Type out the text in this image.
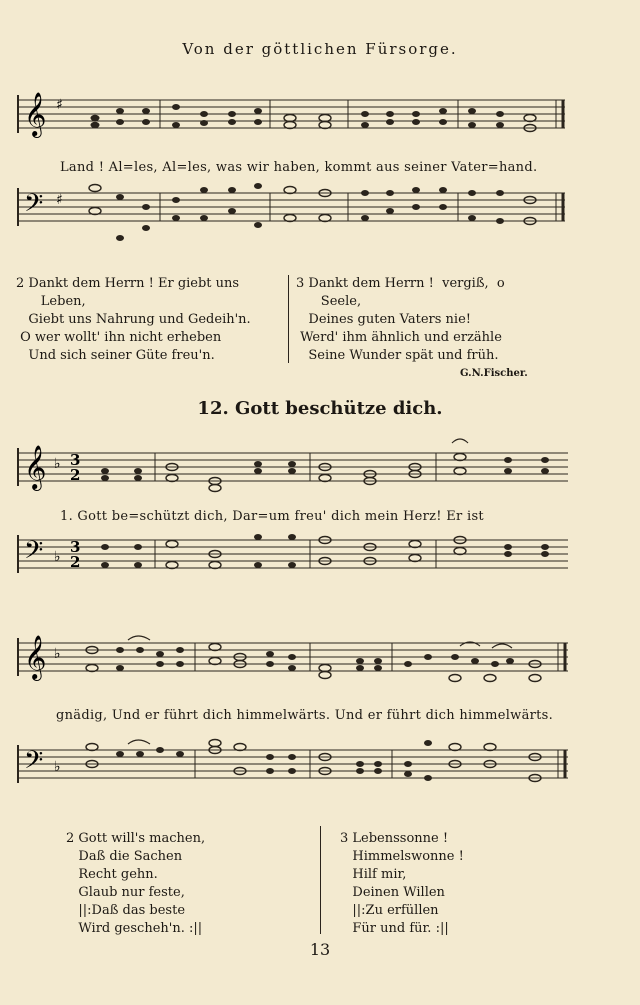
Von der göttlichen Fürsorge.
𝄞 ♯
Land ! Al=les, Al=les, was wir haben, kommt aus seiner Vater=hand.
𝄢 ♯
2 Dankt dem Herrn ! Er giebt uns
Leben,
Giebt uns Nahrung und Gedeih'n.
O wer wollt' ihn nicht erheben
Und sich seiner Güte freu'n.
3 Dankt dem Herrn !  vergiß,  o
Seele,
Deines guten Vaters nie!
Werd' ihm ähnlich und erzähle
Seine Wunder spät und früh.
G.N.Fischer.
12. Gott beschütze dich.
𝄞 ♭ 3
2
1. Gott be=schützt dich, Dar=um freu' dich mein Herz! Er ist
𝄢 ♭
3
2
𝄞 ♭
gnädig, Und er führt dich himmelwärts. Und er führt dich himmelwärts.
𝄢 ♭
2 Gott will's machen,
Daß die Sachen
Recht gehn.
Glaub nur feste,
||:Daß das beste
Wird gescheh'n. :||
3 Lebenssonne !
Himmelswonne !
Hilf mir,
Deinen Willen
||:Zu erfüllen
Für und für. :||
13
